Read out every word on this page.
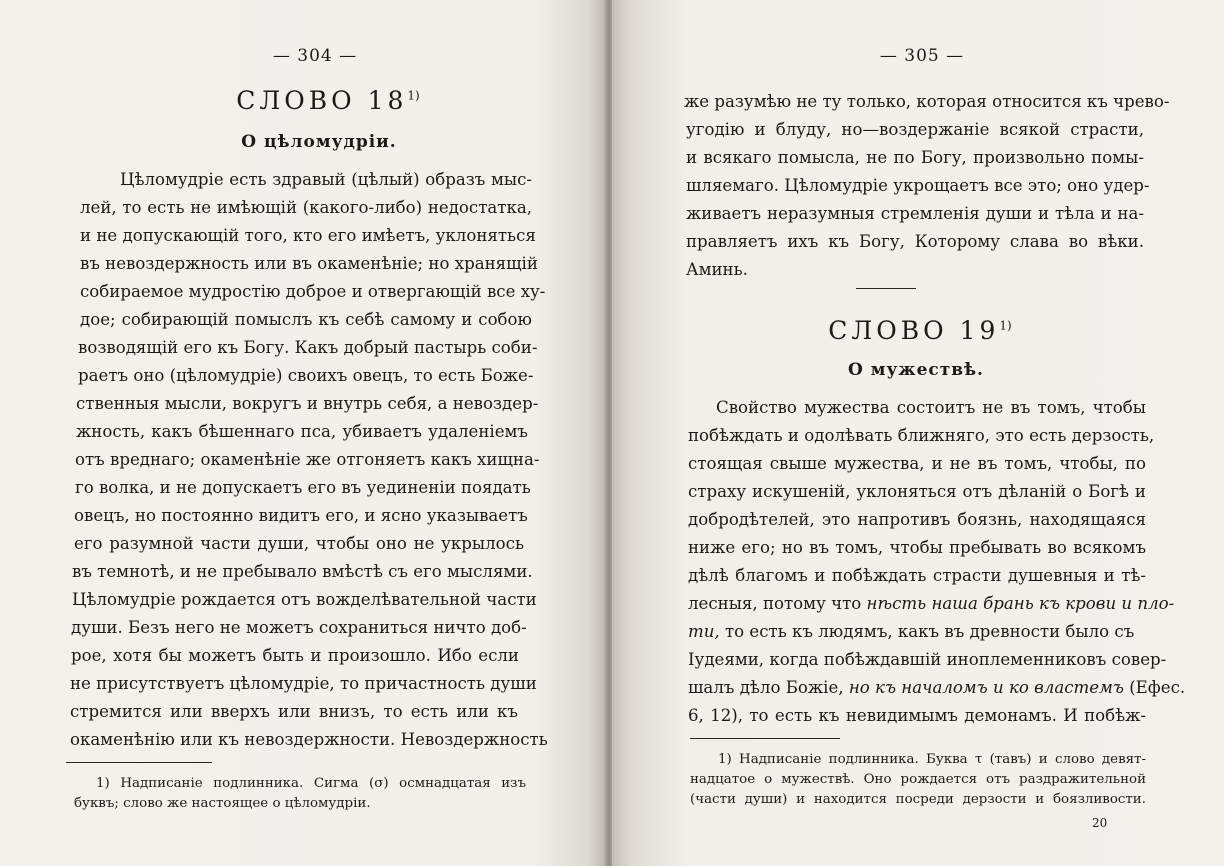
— 304 —
СЛОВО 18$^{1)}$
О цѣломудріи.
Цѣломудріе есть здравый (цѣлый) образъ мыс-
лей, то есть не имѣющій (какого-либо) недостатка,
и не допускающій того, кто его имѣетъ, уклоняться
въ невоздержность или въ окаменѣніе; но хранящій
собираемое мудростію доброе и отвергающій все ху-
дое; собирающій помыслъ къ себѣ самому и собою
возводящій его къ Богу. Какъ добрый пастырь соби-
раетъ оно (цѣломудріе) своихъ овецъ, то есть Боже-
ственныя мысли, вокругъ и внутрь себя, а невоздер-
жность, какъ бѣшеннаго пса, убиваетъ удаленіемъ
отъ вреднаго; окаменѣніе же отгоняетъ какъ хищна-
го волка, и не допускаетъ его въ уединеніи поядать
овецъ, но постоянно видитъ его, и ясно указываетъ
его разумной части души, чтобы оно не укрылось
въ темнотѣ, и не пребывало вмѣстѣ съ его мыслями.
Цѣломудріе рождается отъ вожделѣвательной части
души. Безъ него не можетъ сохраниться ничто доб-
рое, хотя бы можетъ быть и произошло. Ибо если
не присутствуетъ цѣломудріе, то причастность души
стремится или вверхъ или внизъ, то есть или къ
окаменѣнію или къ невоздержности. Невоздержность
1) Надписаніе подлинника. Сигма (σ) осмнадцатая изъ
буквъ; слово же настоящее о цѣломудріи.
— 305 —
же разумѣю не ту только, которая относится къ чрево-
угодію и блуду, но—воздержаніе всякой страсти,
и всякаго помысла, не по Богу, произвольно помы-
шляемаго. Цѣломудріе укрощаетъ все это; оно удер-
живаетъ неразумныя стремленія души и тѣла и на-
правляетъ ихъ къ Богу, Которому слава во вѣки.
Аминь.
СЛОВО 19$^{1)}$
О мужествѣ.
Свойство мужества состоитъ не въ томъ, чтобы
побѣждать и одолѣвать ближняго, это есть дерзость,
стоящая свыше мужества, и не въ томъ, чтобы, по
страху искушеній, уклоняться отъ дѣланій о Богѣ и
добродѣтелей, это напротивъ боязнь, находящаяся
ниже его; но въ томъ, чтобы пребывать во всякомъ
дѣлѣ благомъ и побѣждать страсти душевныя и тѣ-
лесныя, потому что нѣсть наша брань къ крови и пло-
ти, то есть къ людямъ, какъ въ древности было съ
Іудеями, когда побѣждавшій иноплеменниковъ совер-
шалъ дѣло Божіе, но къ началомъ и ко властемъ (Ефес.
6, 12), то есть къ невидимымъ демонамъ. И побѣж-
1) Надписаніе подлинника. Буква τ (тавъ) и слово девят-
надцатое о мужествѣ. Оно рождается отъ раздражительной
(части души) и находится посреди дерзости и боязливости.
20
